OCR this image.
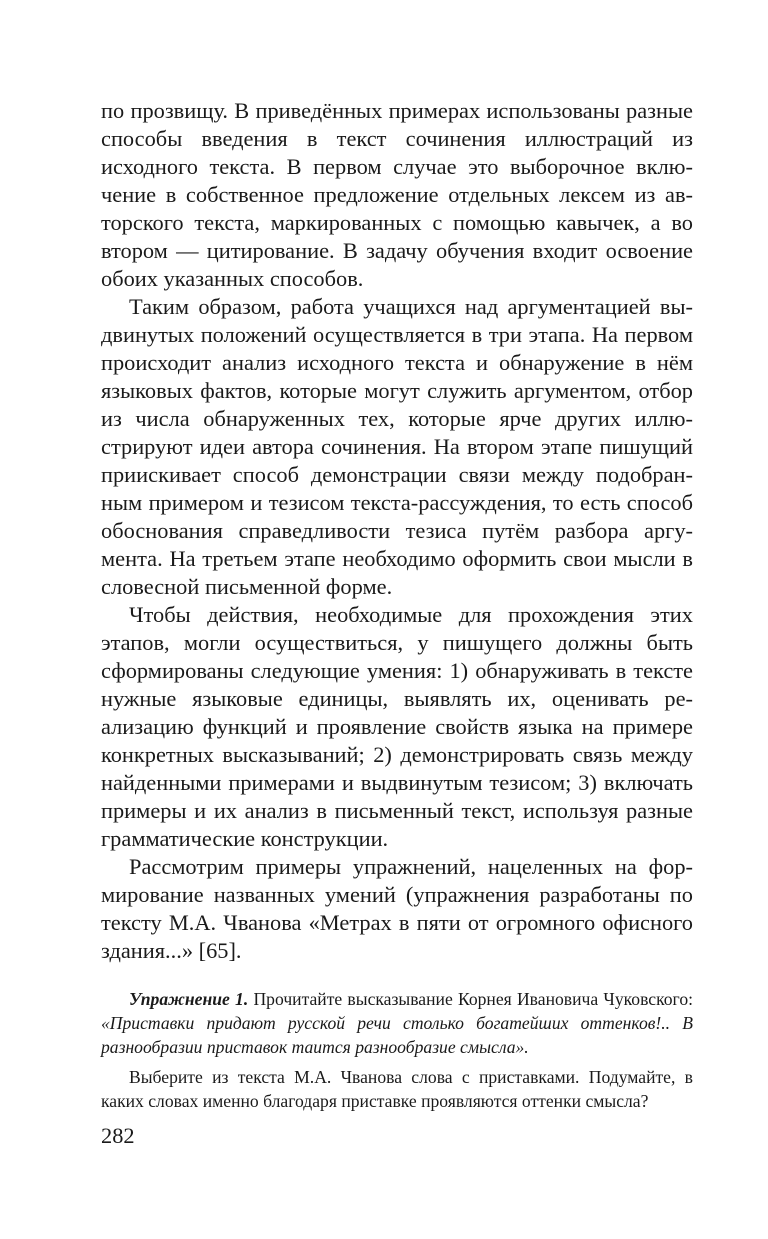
по прозвищу. В приведённых примерах использованы разные способы введения в текст сочинения иллюстраций из исходного текста. В первом случае это выборочное включение в собственное предложение отдельных лексем из авторского текста, маркированных с помощью кавычек, а во втором — цитирование. В задачу обучения входит освоение обоих указанных способов.

Таким образом, работа учащихся над аргументацией выдвинутых положений осуществляется в три этапа. На первом происходит анализ исходного текста и обнаружение в нём языковых фактов, которые могут служить аргументом, отбор из числа обнаруженных тех, которые ярче других иллюстрируют идеи автора сочинения. На втором этапе пишущий приискивает способ демонстрации связи между подобранным примером и тезисом текста-рассуждения, то есть способ обоснования справедливости тезиса путём разбора аргумента. На третьем этапе необходимо оформить свои мысли в словесной письменной форме.

Чтобы действия, необходимые для прохождения этих этапов, могли осуществиться, у пишущего должны быть сформированы следующие умения: 1) обнаруживать в тексте нужные языковые единицы, выявлять их, оценивать реализацию функций и проявление свойств языка на примере конкретных высказываний; 2) демонстрировать связь между найденными примерами и выдвинутым тезисом; 3) включать примеры и их анализ в письменный текст, используя разные грамматические конструкции.

Рассмотрим примеры упражнений, нацеленных на формирование названных умений (упражнения разработаны по тексту М.А. Чванова «Метрах в пяти от огромного офисного здания...» [65].

Упражнение 1. Прочитайте высказывание Корнея Ивановича Чуковского: «Приставки придают русской речи столько богатейших оттенков!.. В разнообразии приставок таится разнообразие смысла».

Выберите из текста М.А. Чванова слова с приставками. Подумайте, в каких словах именно благодаря приставке проявляются оттенки смысла?

282
